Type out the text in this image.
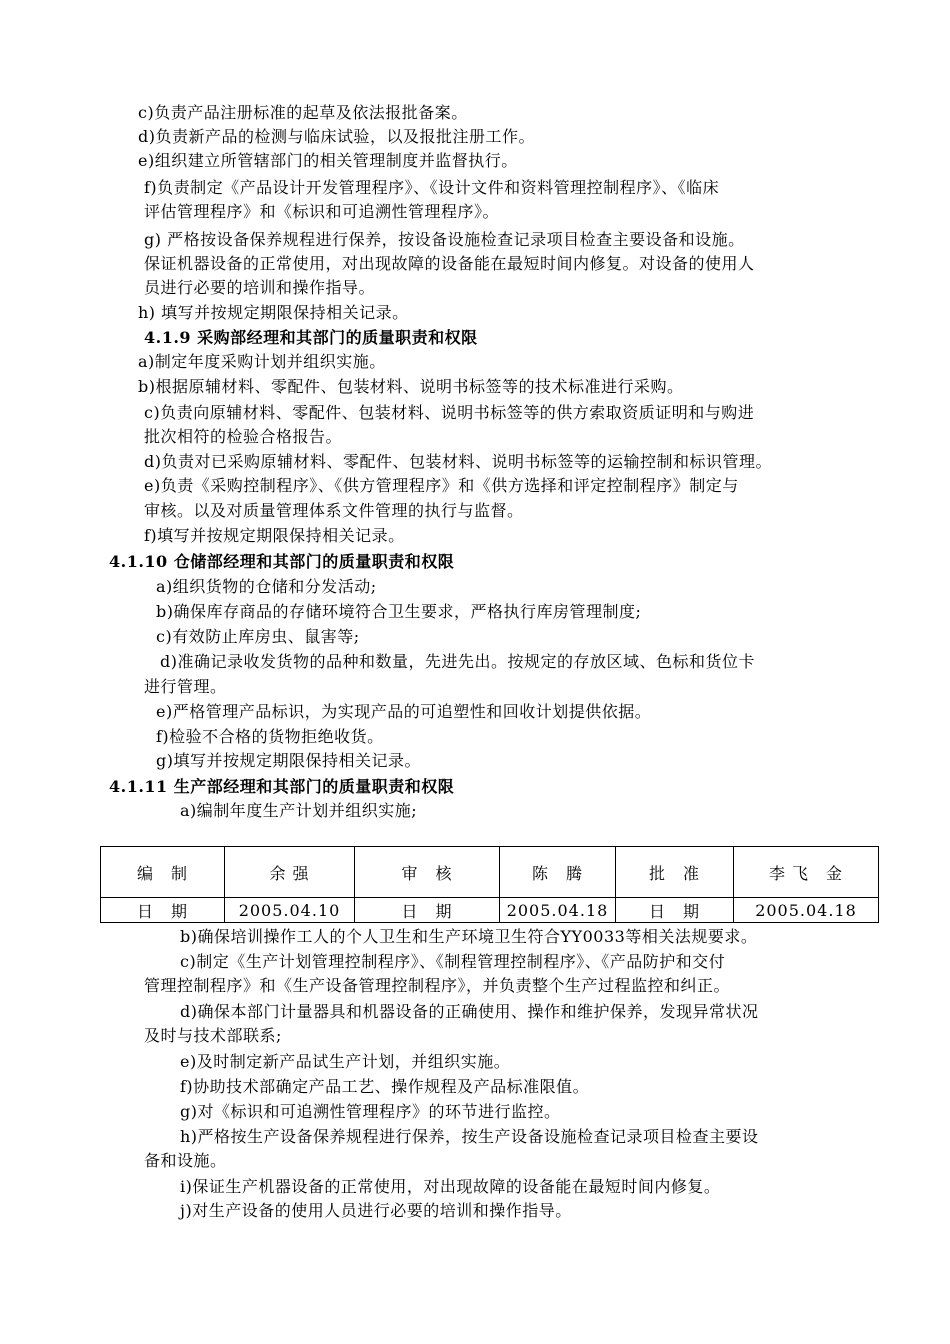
c)负责产品注册标准的起草及依法报批备案。
d)负责新产品的检测与临床试验，以及报批注册工作。
e)组织建立所管辖部门的相关管理制度并监督执行。
f)负责制定《产品设计开发管理程序》、《设计文件和资料管理控制程序》、《临床
评估管理程序》和《标识和可追溯性管理程序》。
g) 严格按设备保养规程进行保养，按设备设施检查记录项目检查主要设备和设施。
保证机器设备的正常使用，对出现故障的设备能在最短时间内修复。对设备的使用人
员进行必要的培训和操作指导。
h) 填写并按规定期限保持相关记录。
4.1.9 采购部经理和其部门的质量职责和权限
a)制定年度采购计划并组织实施。
b)根据原辅材料、零配件、包装材料、说明书标签等的技术标准进行采购。
c)负责向原辅材料、零配件、包装材料、说明书标签等的供方索取资质证明和与购进
批次相符的检验合格报告。
d)负责对已采购原辅材料、零配件、包装材料、说明书标签等的运输控制和标识管理。
e)负责《采购控制程序》、《供方管理程序》和《供方选择和评定控制程序》制定与
审核。以及对质量管理体系文件管理的执行与监督。
f)填写并按规定期限保持相关记录。
4.1.10 仓储部经理和其部门的质量职责和权限
a)组织货物的仓储和分发活动;
b)确保库存商品的存储环境符合卫生要求，严格执行库房管理制度;
c)有效防止库房虫、鼠害等;
d)准确记录收发货物的品种和数量，先进先出。按规定的存放区域、色标和货位卡
进行管理。
e)严格管理产品标识，为实现产品的可追塑性和回收计划提供依据。
f)检验不合格的货物拒绝收货。
g)填写并按规定期限保持相关记录。
4.1.11 生产部经理和其部门的质量职责和权限
a)编制年度生产计划并组织实施;
编　制	余 强	审　核	陈　腾	批　准	李 飞　金
日　期	2005.04.10	日　期	2005.04.18	日　期	2005.04.18
b)确保培训操作工人的个人卫生和生产环境卫生符合YY0033等相关法规要求。
c)制定《生产计划管理控制程序》、《制程管理控制程序》、《产品防护和交付
管理控制程序》和《生产设备管理控制程序》，并负责整个生产过程监控和纠正。
d)确保本部门计量器具和机器设备的正确使用、操作和维护保养，发现异常状况
及时与技术部联系;
e)及时制定新产品试生产计划，并组织实施。
f)协助技术部确定产品工艺、操作规程及产品标准限值。
g)对《标识和可追溯性管理程序》的环节进行监控。
h)严格按生产设备保养规程进行保养，按生产设备设施检查记录项目检查主要设
备和设施。
i)保证生产机器设备的正常使用，对出现故障的设备能在最短时间内修复。
j)对生产设备的使用人员进行必要的培训和操作指导。
